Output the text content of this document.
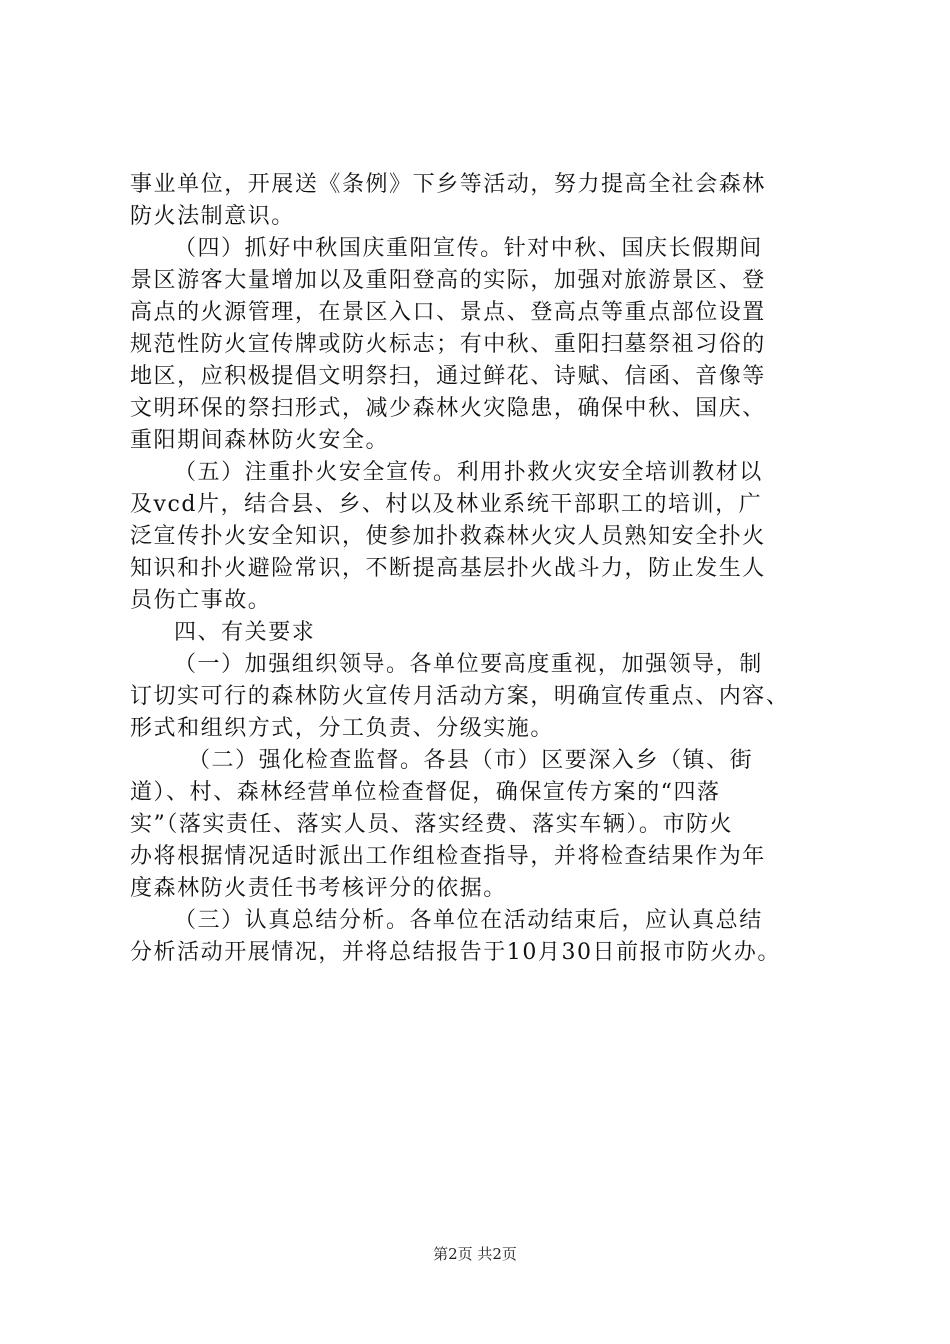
事业单位，开展送《条例》下乡等活动，努力提高全社会森林
防火法制意识。
（四）抓好中秋国庆重阳宣传。针对中秋、国庆长假期间
景区游客大量增加以及重阳登高的实际，加强对旅游景区、登
高点的火源管理，在景区入口、景点、登高点等重点部位设置
规范性防火宣传牌或防火标志；有中秋、重阳扫墓祭祖习俗的
地区，应积极提倡文明祭扫，通过鲜花、诗赋、信函、音像等
文明环保的祭扫形式，减少森林火灾隐患，确保中秋、国庆、
重阳期间森林防火安全。
（五）注重扑火安全宣传。利用扑救火灾安全培训教材以
及vcd片，结合县、乡、村以及林业系统干部职工的培训，广
泛宣传扑火安全知识，使参加扑救森林火灾人员熟知安全扑火
知识和扑火避险常识，不断提高基层扑火战斗力，防止发生人
员伤亡事故。
四、有关要求
（一）加强组织领导。各单位要高度重视，加强领导，制
订切实可行的森林防火宣传月活动方案，明确宣传重点、内容、
形式和组织方式，分工负责、分级实施。
（二）强化检查监督。各县（市）区要深入乡（镇、街
道）、村、森林经营单位检查督促，确保宣传方案的“四落
实”（落实责任、落实人员、落实经费、落实车辆）。市防火
办将根据情况适时派出工作组检查指导，并将检查结果作为年
度森林防火责任书考核评分的依据。
（三）认真总结分析。各单位在活动结束后，应认真总结
分析活动开展情况，并将总结报告于10月30日前报市防火办。
第2页 共2页
